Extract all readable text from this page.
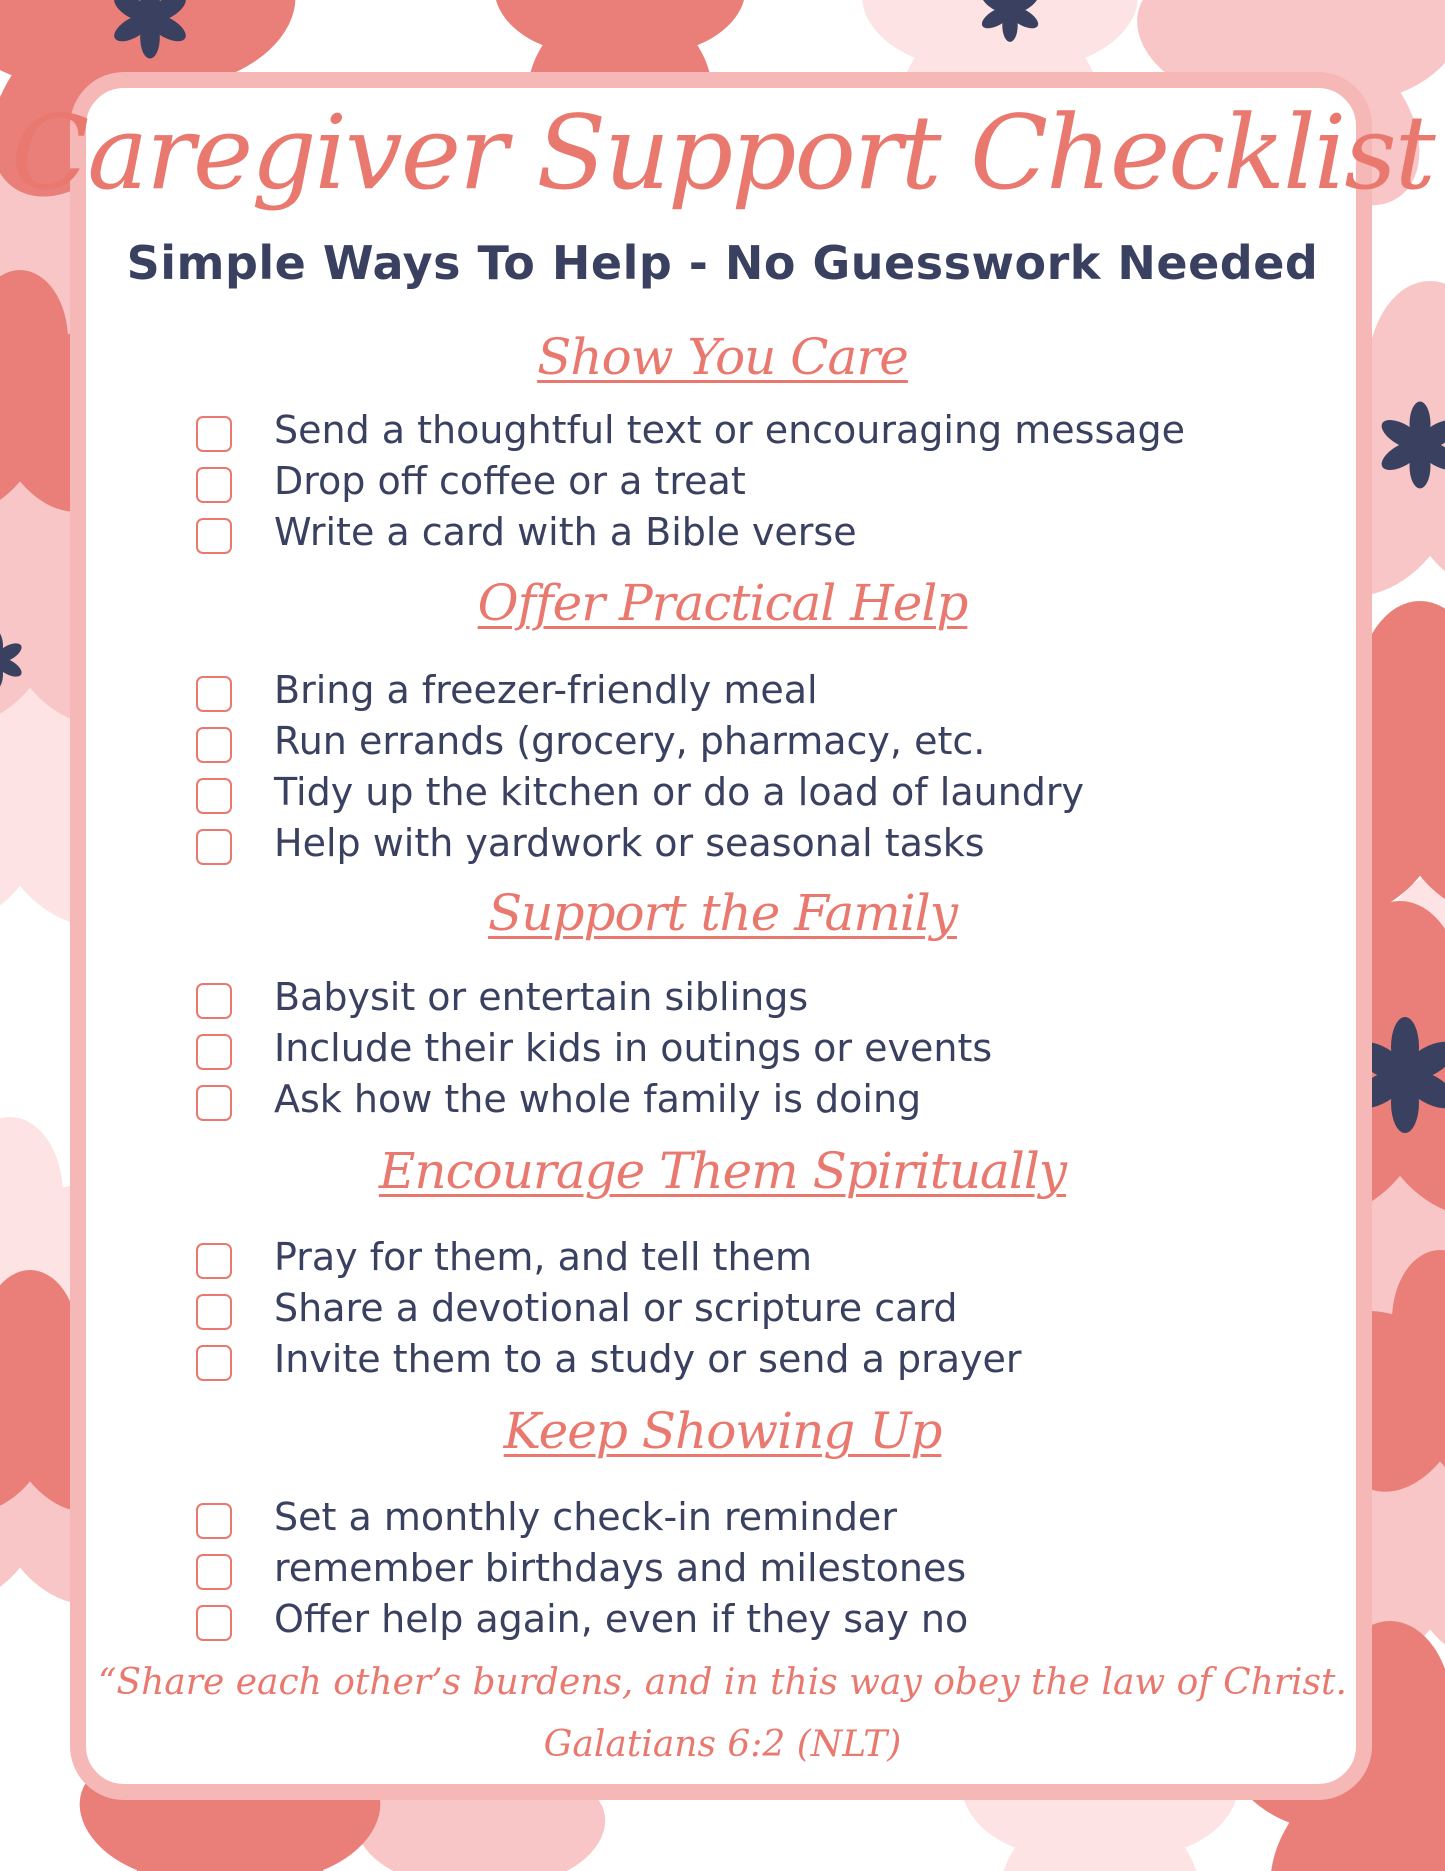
Caregiver Support Checklist
Simple Ways To Help - No Guesswork Needed
Show You Care
Send a thoughtful text or encouraging message
Drop off coffee or a treat
Write a card with a Bible verse
Offer Practical Help
Bring a freezer-friendly meal
Run errands (grocery, pharmacy, etc.
Tidy up the kitchen or do a load of laundry
Help with yardwork or seasonal tasks
Support the Family
Babysit or entertain siblings
Include their kids in outings or events
Ask how the whole family is doing
Encourage Them Spiritually
Pray for them, and tell them
Share a devotional or scripture card
Invite them to a study or send a prayer
Keep Showing Up
Set a monthly check-in reminder
remember birthdays and milestones
Offer help again, even if they say no
“Share each other’s burdens, and in this way obey the law of Christ.
Galatians 6:2 (NLT)
